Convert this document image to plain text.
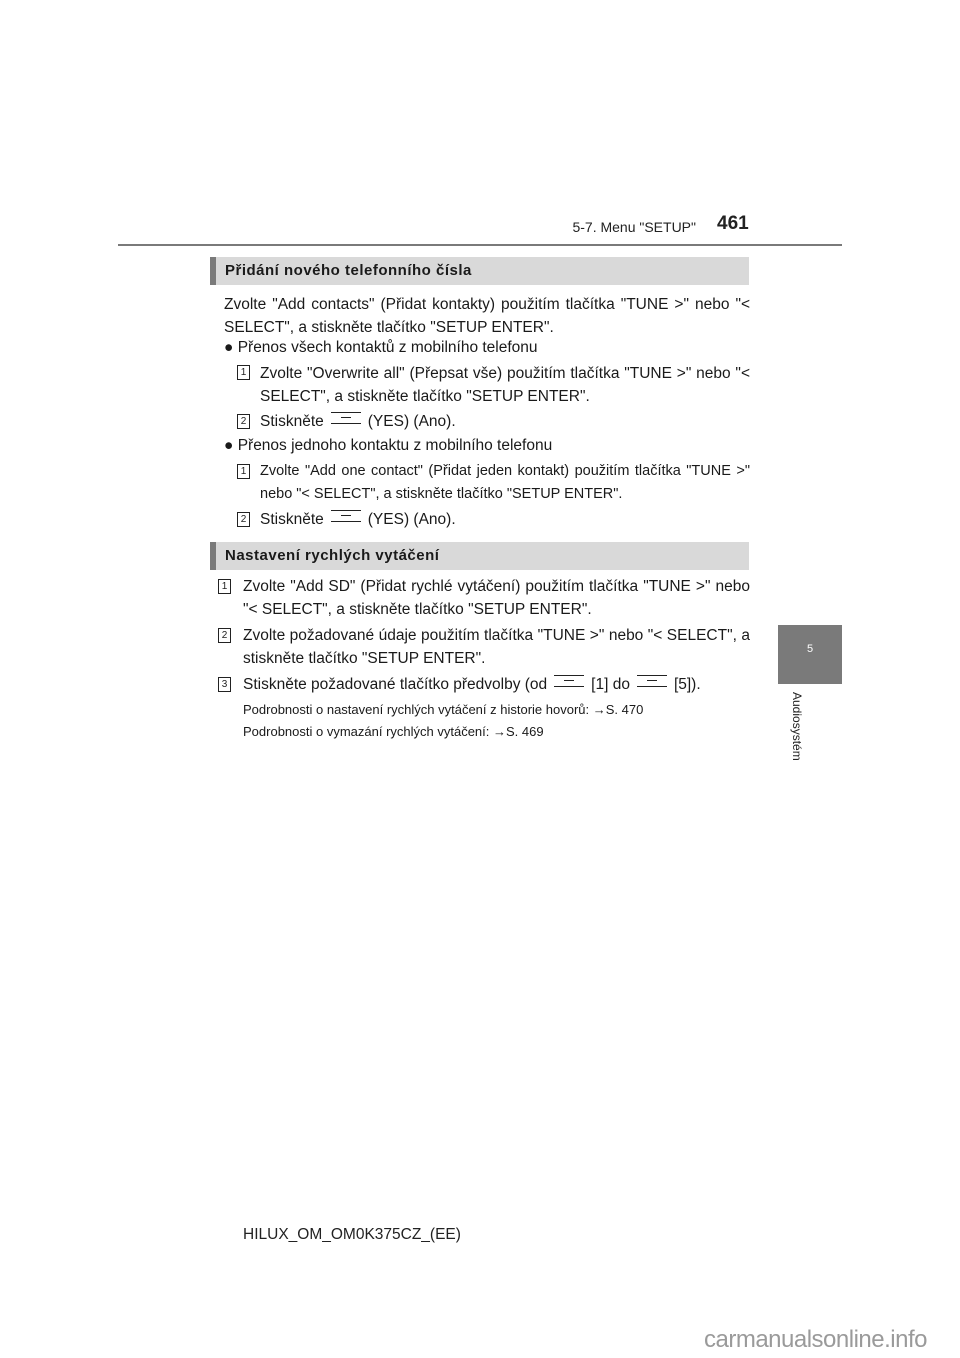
5-7. Menu "SETUP" 461
5
Audiosystém
Přidání nového telefonního čísla
Zvolte "Add contacts" (Přidat kontakty) použitím tlačítka "TUNE >" nebo "< SELECT", a stiskněte tlačítko "SETUP ENTER".
● Přenos všech kontaktů z mobilního telefonu
1 Zvolte "Overwrite all" (Přepsat vše) použitím tlačítka "TUNE >" nebo "< SELECT", a stiskněte tlačítko "SETUP ENTER".
2 Stiskněte	(YES) (Ano).
● Přenos jednoho kontaktu z mobilního telefonu
1 Zvolte "Add one contact" (Přidat jeden kontakt) použitím tlačítka "TUNE >" nebo "< SELECT", a stiskněte tlačítko "SETUP ENTER".
2 Stiskněte	(YES) (Ano).
Nastavení rychlých vytáčení
1 Zvolte "Add SD" (Přidat rychlé vytáčení) použitím tlačítka "TUNE >" nebo "< SELECT", a stiskněte tlačítko "SETUP ENTER".
2 Zvolte požadované údaje použitím tlačítka "TUNE >" nebo "< SELECT", a stiskněte tlačítko "SETUP ENTER".
3 Stiskněte požadované tlačítko předvolby (od	[1] do	[5]).
Podrobnosti o nastavení rychlých vytáčení z historie hovorů: →S. 470
Podrobnosti o vymazání rychlých vytáčení: →S. 469
HILUX_OM_OM0K375CZ_(EE)
carmanualsonline.info
